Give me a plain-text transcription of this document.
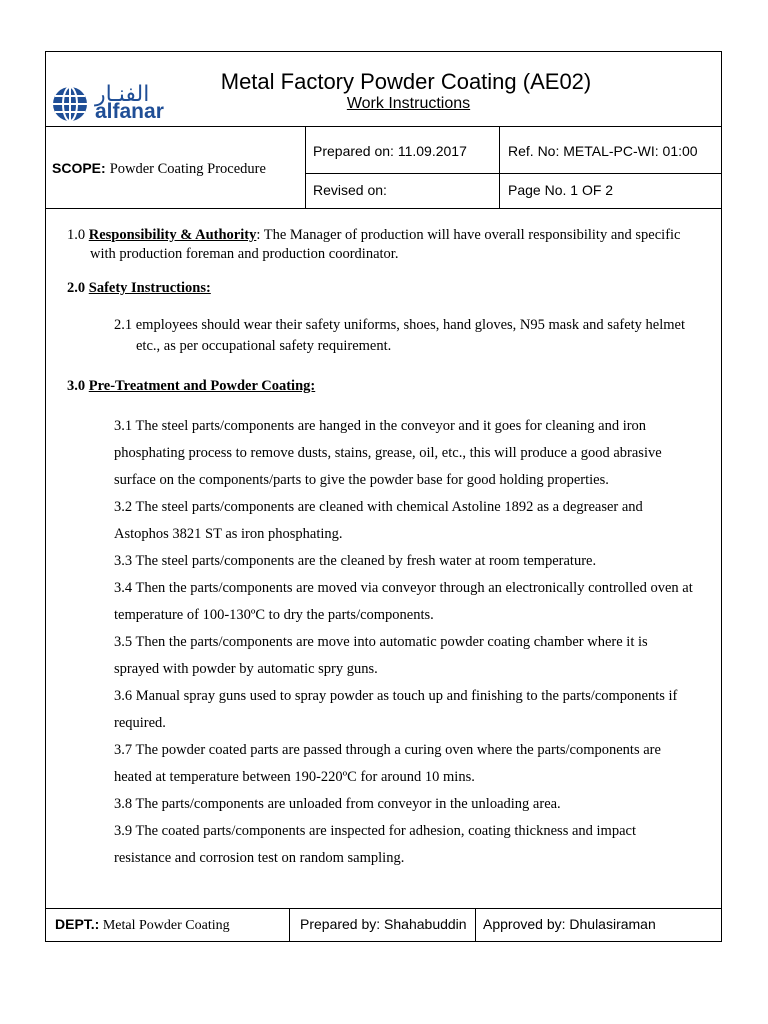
الفنـار
alfanar
Metal Factory Powder Coating (AE02)
Work Instructions
SCOPE: Powder Coating Procedure
Prepared on: 11.09.2017	Ref. No: METAL-PC-WI: 01:00
Revised on:	Page No. 1 OF 2
1.0 Responsibility & Authority: The Manager of production will have overall responsibility and specific
with production foreman and production coordinator.
2.0 Safety Instructions:
2.1 employees should wear their safety uniforms, shoes, hand gloves, N95 mask and safety helmet
etc., as per occupational safety requirement.
3.0 Pre-Treatment and Powder Coating:
3.1 The steel parts/components are hanged in the conveyor and it goes for cleaning and iron
phosphating process to remove dusts, stains, grease, oil, etc., this will produce a good abrasive
surface on the components/parts to give the powder base for good holding properties.
3.2 The steel parts/components are cleaned with chemical Astoline 1892 as a degreaser and
Astophos 3821 ST as iron phosphating.
3.3 The steel parts/components are the cleaned by fresh water at room temperature.
3.4 Then the parts/components are moved via conveyor through an electronically controlled oven at
temperature of 100-130ºC to dry the parts/components.
3.5 Then the parts/components are move into automatic powder coating chamber where it is
sprayed with powder by automatic spry guns.
3.6 Manual spray guns used to spray powder as touch up and finishing to the parts/components if
required.
3.7 The powder coated parts are passed through a curing oven where the parts/components are
heated at temperature between 190-220ºC for around 10 mins.
3.8 The parts/components are unloaded from conveyor in the unloading area.
3.9 The coated parts/components are inspected for adhesion, coating thickness and impact
resistance and corrosion test on random sampling.
DEPT.: Metal Powder Coating	Prepared by: Shahabuddin Approved by: Dhulasiraman
